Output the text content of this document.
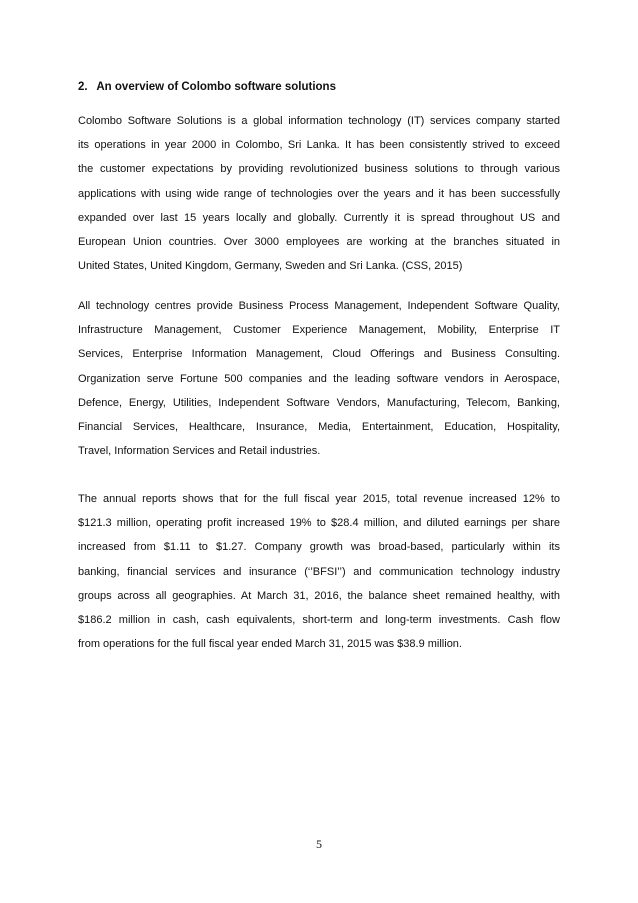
2. An overview of Colombo software solutions
Colombo Software Solutions is a global information technology (IT) services company started
its operations in year 2000 in Colombo, Sri Lanka. It has been consistently strived to exceed
the customer expectations by providing revolutionized business solutions to through various
applications with using wide range of technologies over the years and it has been successfully
expanded over last 15 years locally and globally. Currently it is spread throughout US and
European Union countries. Over 3000 employees are working at the branches situated in
United States, United Kingdom, Germany, Sweden and Sri Lanka. (CSS, 2015)
All technology centres provide Business Process Management, Independent Software Quality,
Infrastructure Management, Customer Experience Management, Mobility, Enterprise IT
Services, Enterprise Information Management, Cloud Offerings and Business Consulting.
Organization serve Fortune 500 companies and the leading software vendors in Aerospace,
Defence, Energy, Utilities, Independent Software Vendors, Manufacturing, Telecom, Banking,
Financial Services, Healthcare, Insurance, Media, Entertainment, Education, Hospitality,
Travel, Information Services and Retail industries.
The annual reports shows that for the full fiscal year 2015, total revenue increased 12% to
$121.3 million, operating profit increased 19% to $28.4 million, and diluted earnings per share
increased from $1.11 to $1.27. Company growth was broad-based, particularly within its
banking, financial services and insurance (‘’BFSI’’) and communication technology industry
groups across all geographies. At March 31, 2016, the balance sheet remained healthy, with
$186.2 million in cash, cash equivalents, short-term and long-term investments. Cash flow
from operations for the full fiscal year ended March 31, 2015 was $38.9 million.
5
